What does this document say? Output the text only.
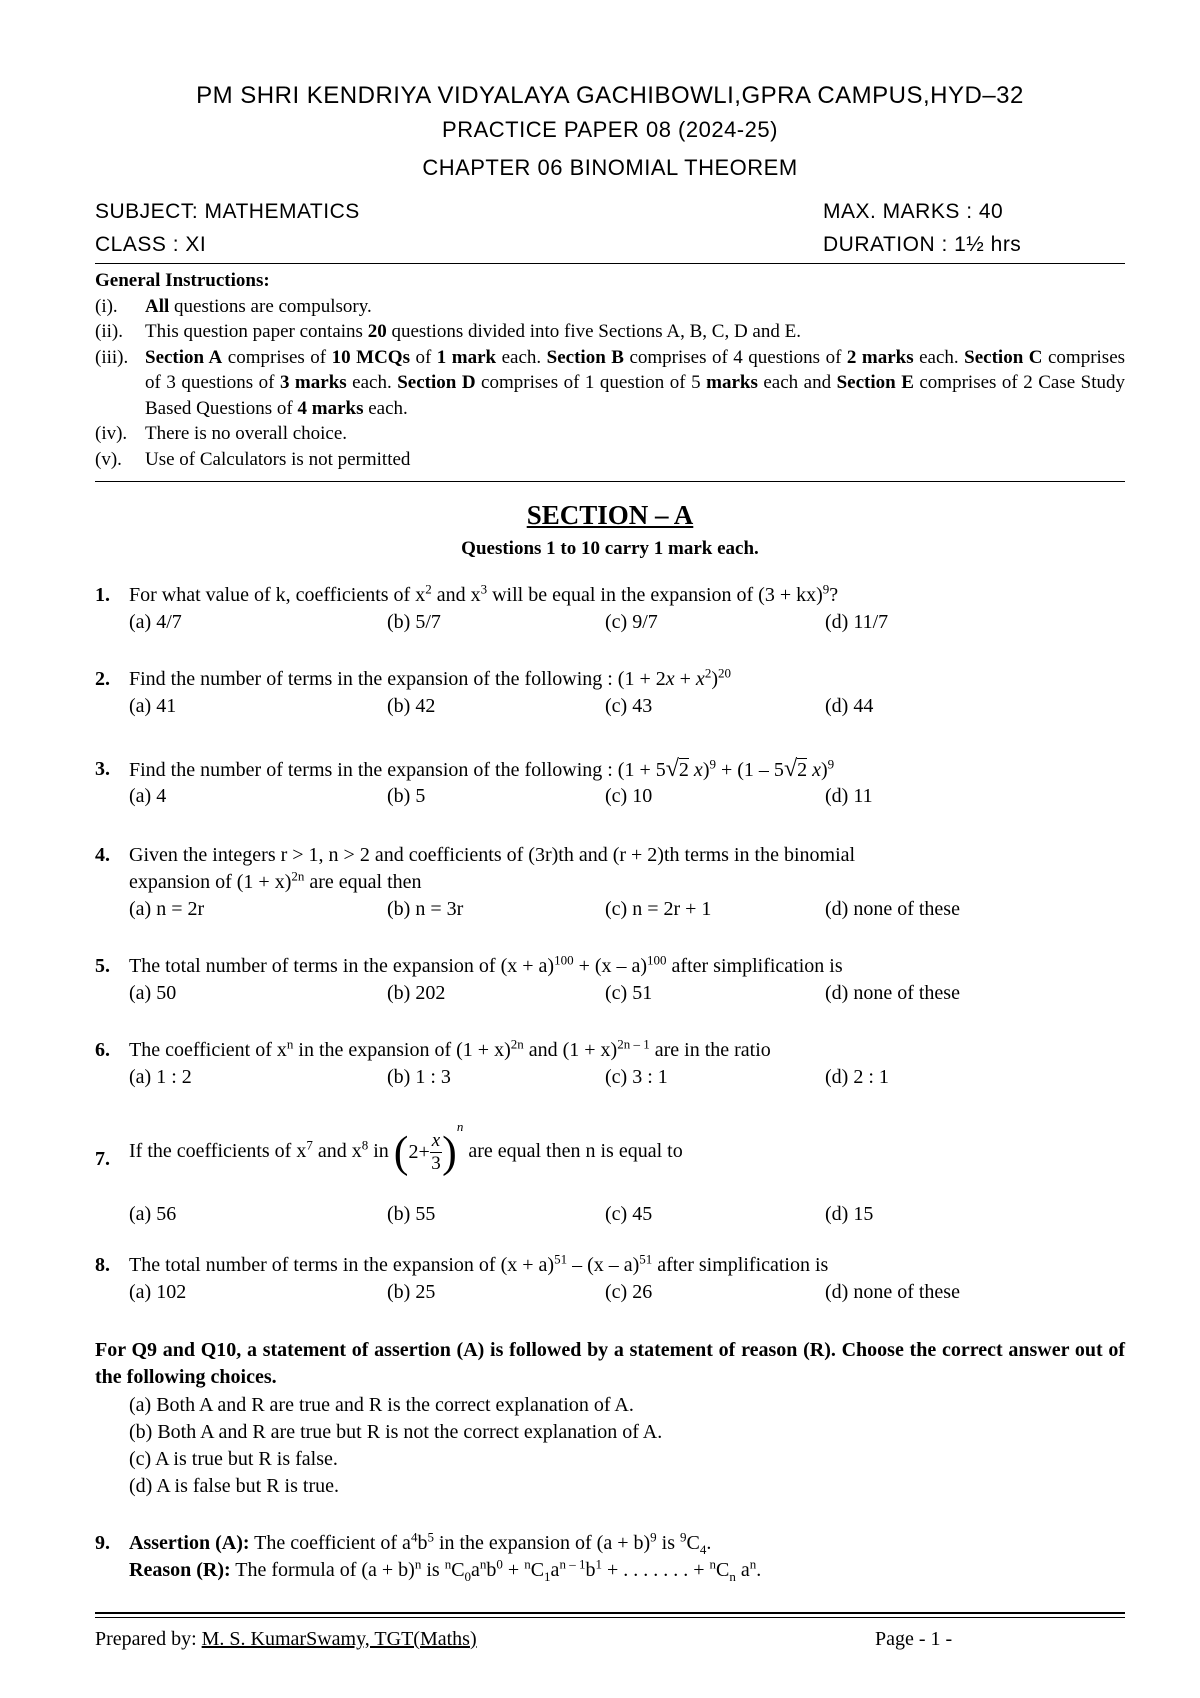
PM SHRI KENDRIYA VIDYALAYA GACHIBOWLI,GPRA CAMPUS,HYD–32
PRACTICE PAPER 08 (2024-25)
CHAPTER 06 BINOMIAL THEOREM
SUBJECT: MATHEMATICS	MAX. MARKS : 40
CLASS : XI	DURATION : 1½ hrs
General Instructions:
(i).	All questions are compulsory.
(ii).	This question paper contains 20 questions divided into five Sections A, B, C, D and E.
(iii). Section A comprises of 10 MCQs of 1 mark each. Section B comprises of 4 questions of 2 marks each. Section C comprises of 3 questions of 3 marks each. Section D comprises of 1 question of 5 marks each and Section E comprises of 2 Case Study Based Questions of 4 marks each.
(iv). There is no overall choice.
(v).	Use of Calculators is not permitted
SECTION – A
Questions 1 to 10 carry 1 mark each.
1. For what value of k, coefficients of $x^2$ and $x^3$ will be equal in the expansion of (3 + kx)$^9$?
(a) 4/7	(b) 5/7	(c) 9/7	(d) 11/7
2. Find the number of terms in the expansion of the following : $(1 + 2x + x^2)^{20}$
(a) 41	(b) 42	(c) 43	(d) 44
3. Find the number of terms in the expansion of the following : (1 + 5√2 x)$^9$ + (1 – 5√2 x)$^9$
(a) 4	(b) 5	(c) 10	(d) 11
4. Given the integers r > 1, n > 2 and coefficients of (3r)th and (r + 2)th terms in the binomial
expansion of $(1 + x)^{2n}$ are equal then
(a) n = 2r	(b) n = 3r	(c) n = 2r + 1	(d) none of these
5. The total number of terms in the expansion of $(x + a)^{100} + (x - a)^{100}$ after simplification is
(a) 50	(b) 202	(c) 51	(d) none of these
6. The coefficient of $x^n$ in the expansion of $(1 + x)^{2n}$ and $(1 + x)^{2n - 1}$ are in the ratio
(a) 1 : 2	(b) 1 : 3	(c) 3 : 1	(d) 2 : 1
7. If the coefficients of $x^7$ and $x^8$ in $(2+ \frac{x}{3} )^n$ are equal then n is equal to
(a) 56	(b) 55	(c) 45	(d) 15
8. The total number of terms in the expansion of $(x + a)^{51} - (x - a)^{51}$ after simplification is
(a) 102	(b) 25	(c) 26	(d) none of these
For Q9 and Q10, a statement of assertion (A) is followed by a statement of reason (R). Choose the correct answer out of the following choices.
(a) Both A and R are true and R is the correct explanation of A.
(b) Both A and R are true but R is not the correct explanation of A.
(c) A is true but R is false.
(d) A is false but R is true.
9. Assertion (A): The coefficient of $a^4b^5$ in the expansion of $(a + b)^9$ is $^9C_4$.
Reason (R): The formula of $(a + b)^n$ is $^nC_0a^nb^0 + ^nC_1a^{n - 1}b^1$ + . . . . . . . + $^nC_n$ $a^n$.
Prepared by: M. S. KumarSwamy, TGT(Maths)	Page - 1 -
